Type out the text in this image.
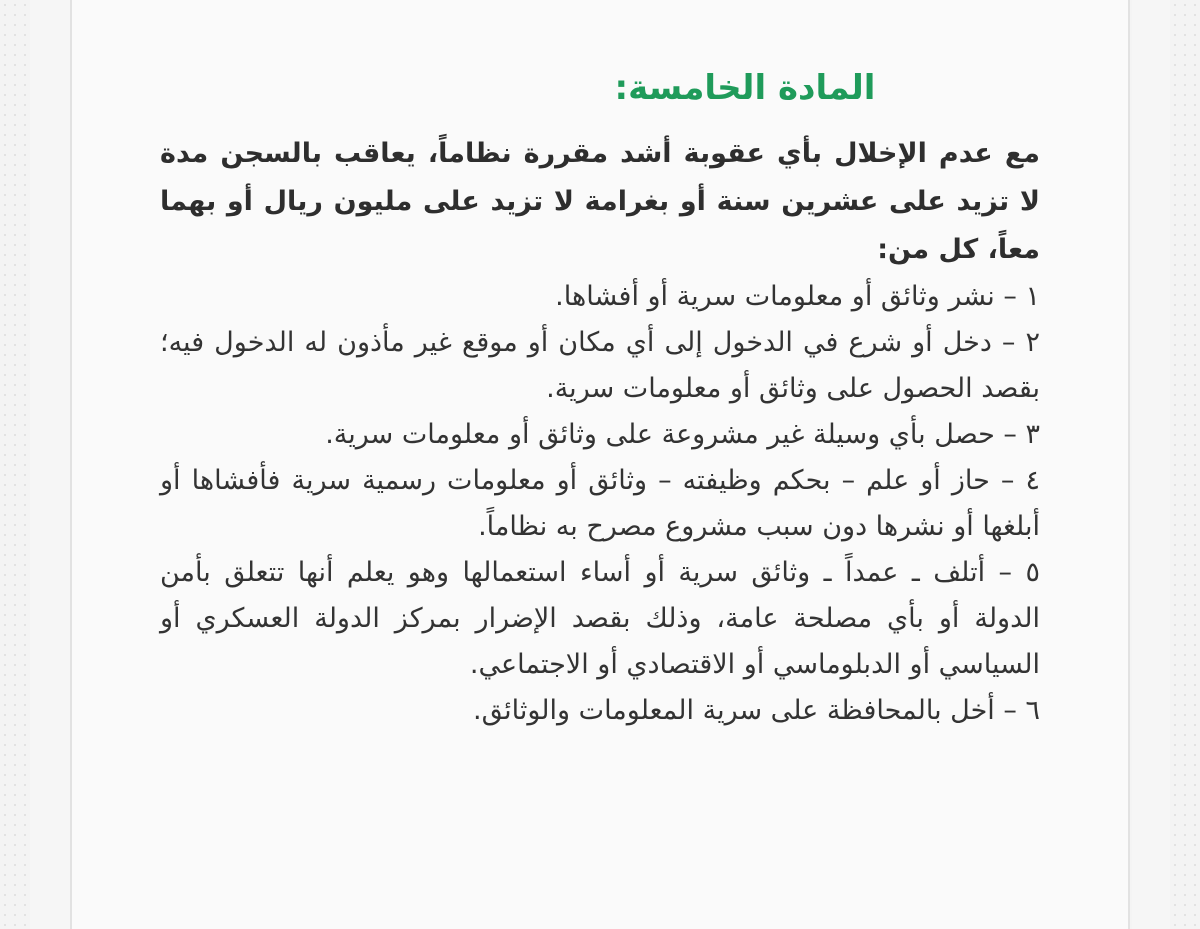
المادة الخامسة:

مع عدم الإخلال بأي عقوبة أشد مقررة نظاماً، يعاقب بالسجن مدة لا تزيد على عشرين سنة أو بغرامة لا تزيد على مليون ريال أو بهما معاً، كل من:

١ – نشر وثائق أو معلومات سرية أو أفشاها.

٢ – دخل أو شرع في الدخول إلى أي مكان أو موقع غير مأذون له الدخول فيه؛ بقصد الحصول على وثائق أو معلومات سرية.

٣ – حصل بأي وسيلة غير مشروعة على وثائق أو معلومات سرية.

٤ – حاز أو علم – بحكم وظيفته – وثائق أو معلومات رسمية سرية فأفشاها أو أبلغها أو نشرها دون سبب مشروع مصرح به نظاماً.

٥ – أتلف ـ عمداً ـ وثائق سرية أو أساء استعمالها وهو يعلم أنها تتعلق بأمن الدولة أو بأي مصلحة عامة، وذلك بقصد الإضرار بمركز الدولة العسكري أو السياسي أو الدبلوماسي أو الاقتصادي أو الاجتماعي.

٦ – أخل بالمحافظة على سرية المعلومات والوثائق.
